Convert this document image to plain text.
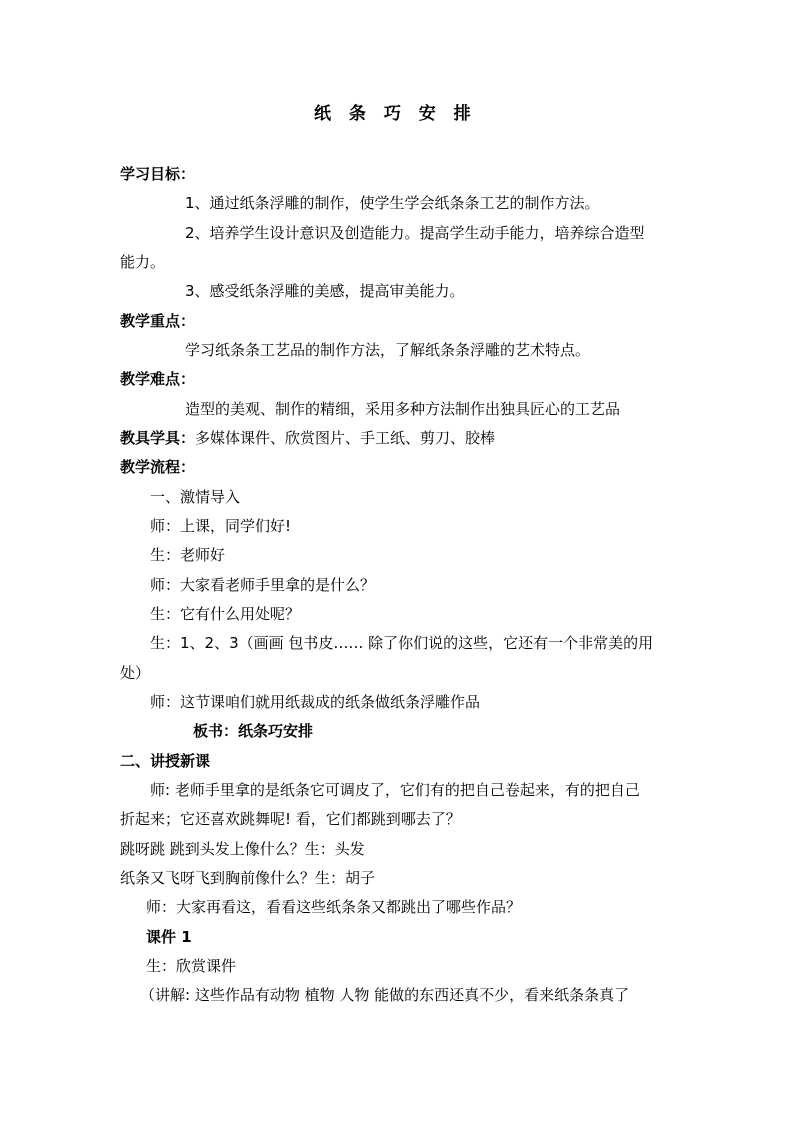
纸 条 巧 安 排
学习目标：
1、通过纸条浮雕的制作，使学生学会纸条条工艺的制作方法。
2、培养学生设计意识及创造能力。提高学生动手能力，培养综合造型
能力。
3、感受纸条浮雕的美感，提高审美能力。
教学重点：
学习纸条条工艺品的制作方法，了解纸条条浮雕的艺术特点。
教学难点：
造型的美观、制作的精细，采用多种方法制作出独具匠心的工艺品
教具学具：多媒体课件、欣赏图片、手工纸、剪刀、胶棒
教学流程：
一、激情导入
师：上课，同学们好!
生：老师好
师：大家看老师手里拿的是什么？
生：它有什么用处呢？
生：1、2、3（画画 包书皮…… 除了你们说的这些，它还有一个非常美的用
处）
师：这节课咱们就用纸裁成的纸条做纸条浮雕作品
板书：纸条巧安排
二、讲授新课
师: 老师手里拿的是纸条它可调皮了，它们有的把自己卷起来，有的把自己
折起来；它还喜欢跳舞呢! 看，它们都跳到哪去了？
跳呀跳 跳到头发上像什么？生：头发
纸条又飞呀飞到胸前像什么？生：胡子
师：大家再看这，看看这些纸条条又都跳出了哪些作品？
课件 1
生：欣赏课件
（讲解: 这些作品有动物 植物 人物 能做的东西还真不少，看来纸条条真了
